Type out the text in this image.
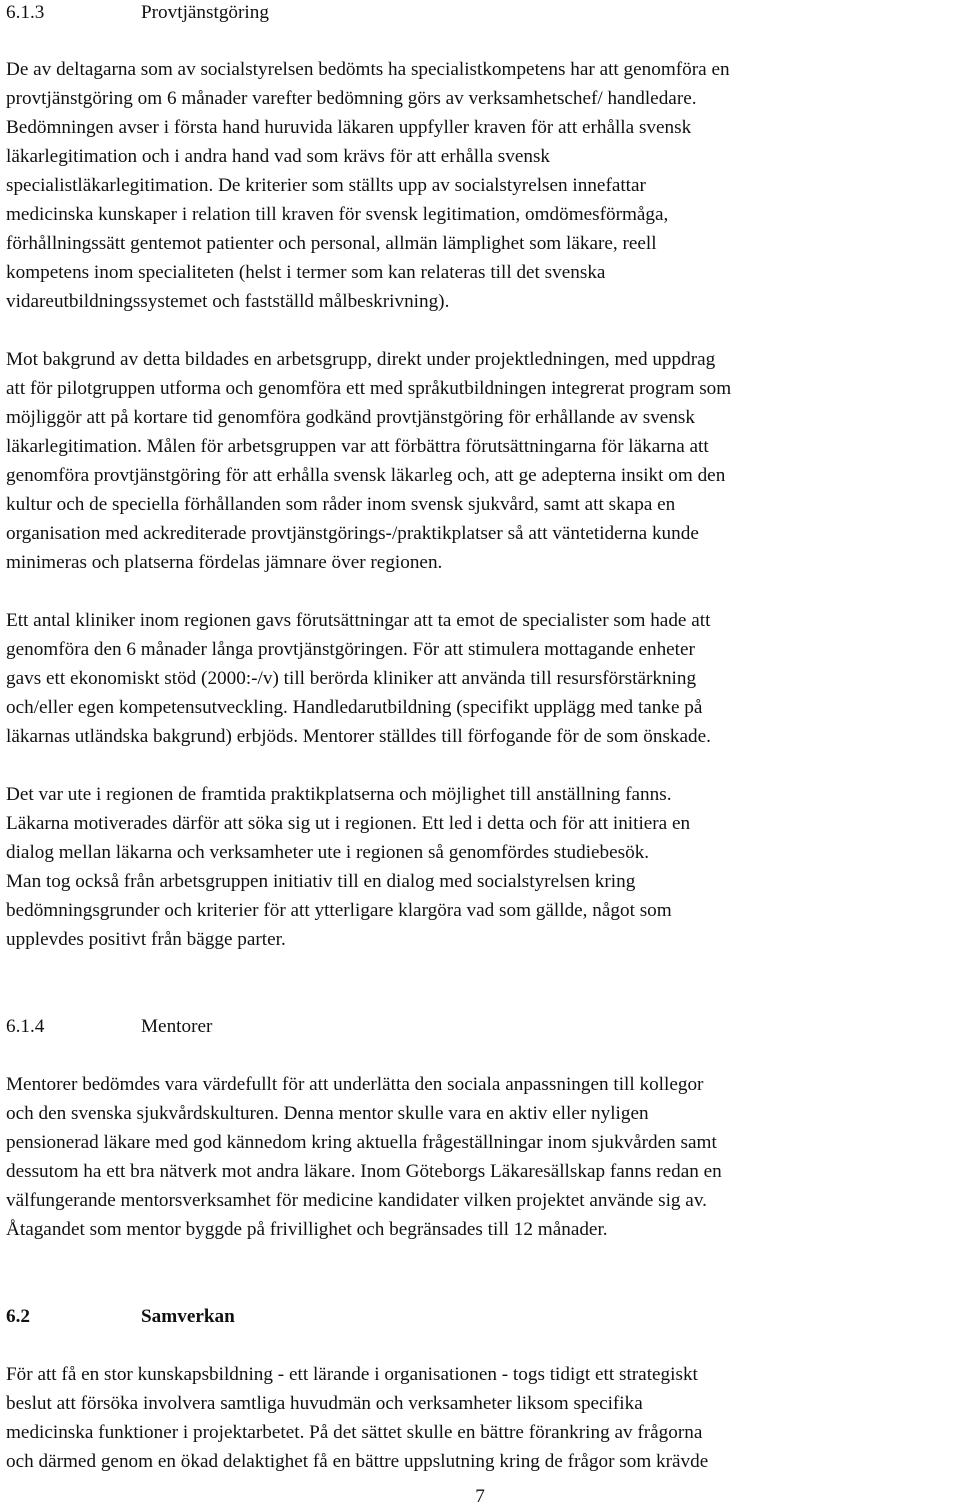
6.1.3	Provtjänstgöring
De av deltagarna som av socialstyrelsen bedömts ha specialistkompetens har att genomföra en
provtjänstgöring om 6 månader varefter bedömning görs av verksamhetschef/ handledare.
Bedömningen avser i första hand huruvida läkaren uppfyller kraven för att erhålla svensk
läkarlegitimation och i andra hand vad som krävs för att erhålla svensk
specialistläkarlegitimation. De kriterier som ställts upp av socialstyrelsen innefattar
medicinska kunskaper i relation till kraven för svensk legitimation, omdömesförmåga,
förhållningssätt gentemot patienter och personal, allmän lämplighet som läkare, reell
kompetens inom specialiteten (helst i termer som kan relateras till det svenska
vidareutbildningssystemet och fastställd målbeskrivning).
Mot bakgrund av detta bildades en arbetsgrupp, direkt under projektledningen, med uppdrag
att för pilotgruppen utforma och genomföra ett med språkutbildningen integrerat program som
möjliggör att på kortare tid genomföra godkänd provtjänstgöring för erhållande av svensk
läkarlegitimation. Målen för arbetsgruppen var att förbättra förutsättningarna för läkarna att
genomföra provtjänstgöring för att erhålla svensk läkarleg och, att ge adepterna insikt om den
kultur och de speciella förhållanden som råder inom svensk sjukvård, samt att skapa en
organisation med ackrediterade provtjänstgörings-/praktikplatser så att väntetiderna kunde
minimeras och platserna fördelas jämnare över regionen.
Ett antal kliniker inom regionen gavs förutsättningar att ta emot de specialister som hade att
genomföra den 6 månader långa provtjänstgöringen. För att stimulera mottagande enheter
gavs ett ekonomiskt stöd (2000:-/v) till berörda kliniker att använda till resursförstärkning
och/eller egen kompetensutveckling. Handledarutbildning (specifikt upplägg med tanke på
läkarnas utländska bakgrund) erbjöds. Mentorer ställdes till förfogande för de som önskade.
Det var ute i regionen de framtida praktikplatserna och möjlighet till anställning fanns.
Läkarna motiverades därför att söka sig ut i regionen. Ett led i detta och för att initiera en
dialog mellan läkarna och verksamheter ute i regionen så genomfördes studiebesök.
Man tog också från arbetsgruppen initiativ till en dialog med socialstyrelsen kring
bedömningsgrunder och kriterier för att ytterligare klargöra vad som gällde, något som
upplevdes positivt från bägge parter.
6.1.4	Mentorer
Mentorer bedömdes vara värdefullt för att underlätta den sociala anpassningen till kollegor
och den svenska sjukvårdskulturen. Denna mentor skulle vara en aktiv eller nyligen
pensionerad läkare med god kännedom kring aktuella frågeställningar inom sjukvården samt
dessutom ha ett bra nätverk mot andra läkare. Inom Göteborgs Läkaresällskap fanns redan en
välfungerande mentorsverksamhet för medicine kandidater vilken projektet använde sig av.
Åtagandet som mentor byggde på frivillighet och begränsades till 12 månader.
6.2	Samverkan
För att få en stor kunskapsbildning - ett lärande i organisationen - togs tidigt ett strategiskt
beslut att försöka involvera samtliga huvudmän och verksamheter liksom specifika
medicinska funktioner i projektarbetet. På det sättet skulle en bättre förankring av frågorna
och därmed genom en ökad delaktighet få en bättre uppslutning kring de frågor som krävde
7
